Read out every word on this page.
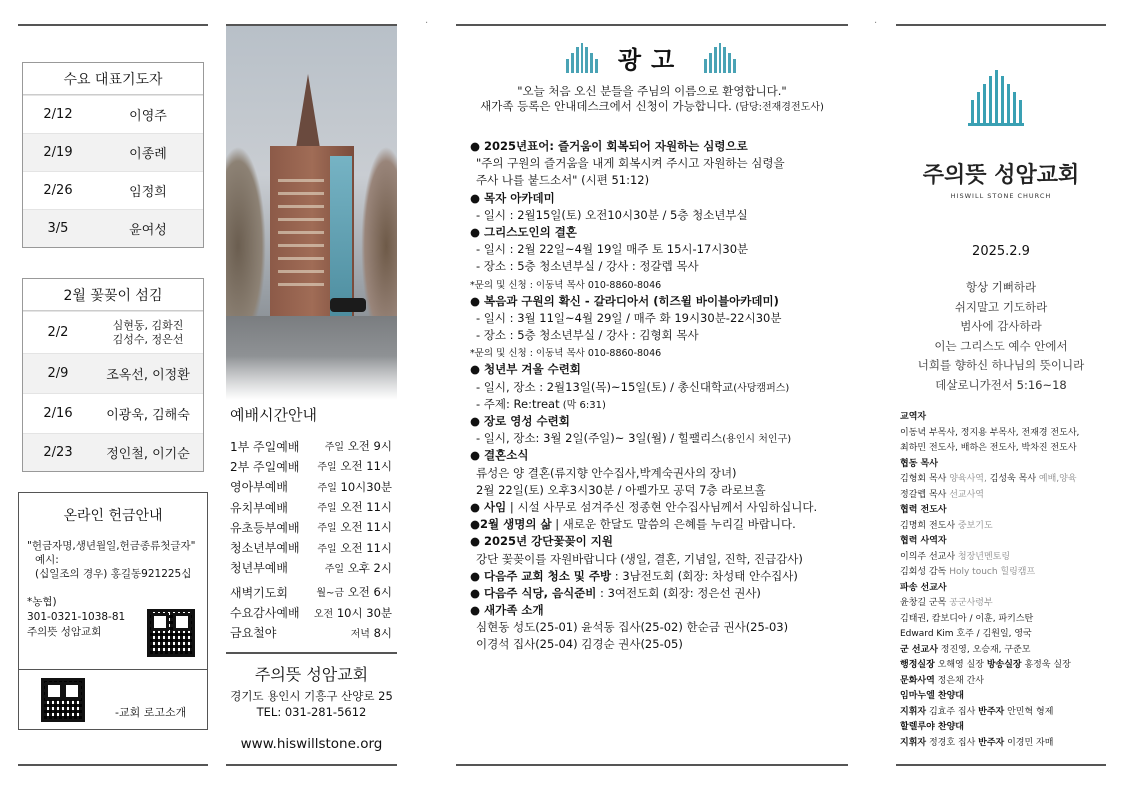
·	·
수요 대표기도자
2/12	이영주
2/19	이종례
2/26	임정희
3/5	윤여성
2월 꽃꽂이 섬김
2/2	심현동, 김화진
김성수, 정은선
2/9	조옥선, 이정환
2/16	이광욱, 김해숙
2/23	정인철, 이기순
온라인 헌금안내
"헌금자명,생년월일,헌금종류첫글자"
예시:
(십일조의 경우) 홍길동921225십
*농협)
301-0321-1038-81
주의뜻 성암교회
-교회 로고소개
예배시간안내
1부 주일예배	주일 오전 9시
2부 주일예배 주일 오전 11시
영아부예배	주일 10시30분
유치부예배	주일 오전 11시
유초등부예배 주일 오전 11시
청소년부예배 주일 오전 11시
청년부예배	주일 오후 2시
새벽기도회	월~금 오전 6시
수요감사예배 오전 10시 30분
금요철야	저녁 8시
주의뜻 성암교회
경기도 용인시 기흥구 산양로 25
TEL: 031-281-5612
www.hiswillstone.org
광고
"오늘 처음 오신 분들을 주님의 이름으로 환영합니다."
새가족 등록은 안내데스크에서 신청이 가능합니다. (담당:전재경전도사)
● 2025년표어: 즐거움이 회복되어 자원하는 심령으로
"주의 구원의 즐거움을 내게 회복시켜 주시고 자원하는 심령을
주사 나를 붙드소서" (시편 51:12)
● 목자 아카데미
- 일시 : 2월15일(토) 오전10시30분 / 5층 청소년부실
● 그리스도인의 결혼
- 일시 : 2월 22일~4월 19일 매주 토 15시-17시30분
- 장소 : 5층 청소년부실 / 강사 : 정갈렙 목사
*문의 및 신청 : 이동녁 목사 010-8860-8046
● 복음과 구원의 확신 - 갈라디아서 (히즈윌 바이블아카데미)
- 일시 : 3월 11일~4월 29일 / 매주 화 19시30분-22시30분
- 장소 : 5층 청소년부실 / 강사 : 김형회 목사
*문의 및 신청 : 이동녁 목사 010-8860-8046
● 청년부 겨울 수련회
- 일시, 장소 : 2월13일(목)~15일(토) / 총신대학교(사당캠퍼스)
- 주제: Re:treat (막 6:31)
● 장로 영성 수련회
- 일시, 장소: 3월 2일(주일)~ 3일(월) / 힐팰리스(용인시 처인구)
● 결혼소식
류성은 양 결혼(류지향 안수집사,박계숙권사의 장녀)
2월 22일(토) 오후3시30분 / 아펠가모 공덕 7층 라로브홀
● 사임 | 시설 사무로 섬겨주신 정종현 안수집사님께서 사임하십니다.
●2월 생명의 삶 | 새로운 한달도 말씀의 은혜를 누리길 바랍니다.
● 2025년 강단꽃꽂이 지원
강단 꽃꽂이를 자원바랍니다 (생일, 결혼, 기념일, 진학, 진급감사)
● 다음주 교회 청소 및 주방 : 3남전도회 (회장: 차성태 안수집사)
● 다음주 식당, 음식준비 : 3여전도회 (회장: 정은선 권사)
● 새가족 소개
심현동 성도(25-01) 윤석동 집사(25-02) 한순금 권사(25-03)
이경석 집사(25-04) 김경순 권사(25-05)
주의뜻 성암교회
HISWILL STONE CHURCH
2025.2.9
항상 기뻐하라
쉬지말고 기도하라
범사에 감사하라
이는 그리스도 예수 안에서
너희를 향하신 하나님의 뜻이니라
데살로니가전서 5:16~18
교역자
이동녁 부목사, 정지용 부목사, 전재경 전도사,
최하민 전도사, 배하은 전도사, 박차진 전도사
협동 목사
김형회 목사 양육사역, 김성욱 목사 예배,양육
정갈렙 목사 선교사역
협력 전도사
김명희 전도사 중보기도
협력 사역자
이의주 선교사 청장년멘토링
김회성 감독 Holy touch 힐링캠프
파송 선교사
윤창길 군목 공군사령부
김태권, 캄보디아 / 이훈, 파키스탄
Edward Kim 호주 / 김원일, 영국
군 선교사 정진영, 오승재, 구준모
행정실장 오해영 실장 방송실장 홍정욱 실장
문화사역 정은채 간사
임마누엘 찬양대
지휘자 김효주 집사 반주자 안민혁 형제
할렐루야 찬양대
지휘자 정경호 집사 반주자 이경민 자매
